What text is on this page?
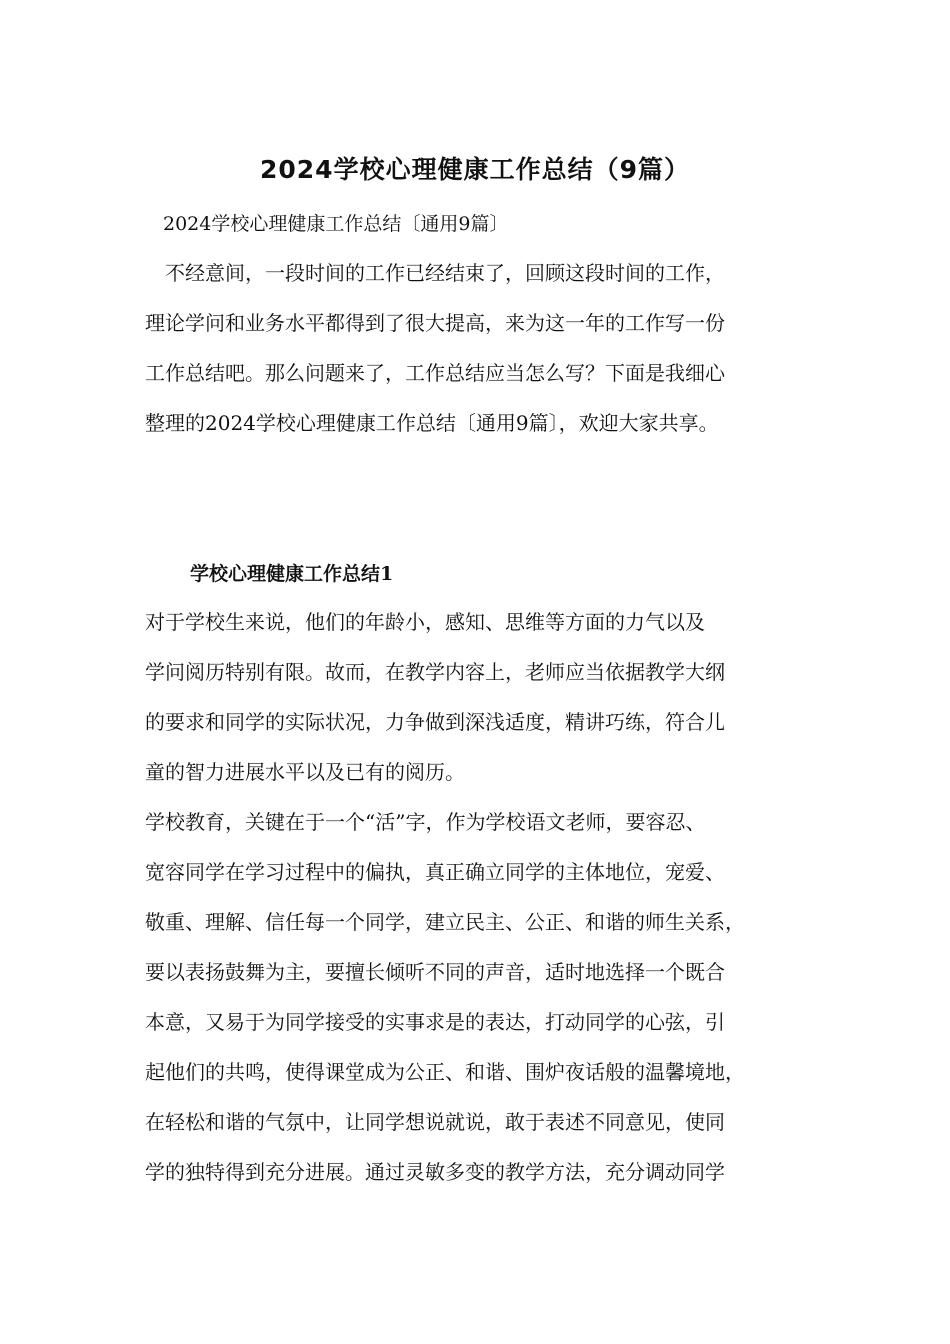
2024学校心理健康工作总结（9篇）

2024学校心理健康工作总结〔通用9篇〕

　不经意间，一段时间的工作已经结束了，回顾这段时间的工作，
理论学问和业务水平都得到了很大提高，来为这一年的工作写一份
工作总结吧。那么问题来了，工作总结应当怎么写？下面是我细心
整理的2024学校心理健康工作总结〔通用9篇〕，欢迎大家共享。

学校心理健康工作总结1

对于学校生来说，他们的年龄小，感知、思维等方面的力气以及
学问阅历特别有限。故而，在教学内容上，老师应当依据教学大纲
的要求和同学的实际状况，力争做到深浅适度，精讲巧练，符合儿
童的智力进展水平以及已有的阅历。

学校教育，关键在于一个“活”字，作为学校语文老师，要容忍、
宽容同学在学习过程中的偏执，真正确立同学的主体地位，宠爱、
敬重、理解、信任每一个同学，建立民主、公正、和谐的师生关系，
要以表扬鼓舞为主，要擅长倾听不同的声音，适时地选择一个既合
本意，又易于为同学接受的实事求是的表达，打动同学的心弦，引
起他们的共鸣，使得课堂成为公正、和谐、围炉夜话般的温馨境地，
在轻松和谐的气氛中，让同学想说就说，敢于表述不同意见，使同
学的独特得到充分进展。通过灵敏多变的教学方法，充分调动同学
